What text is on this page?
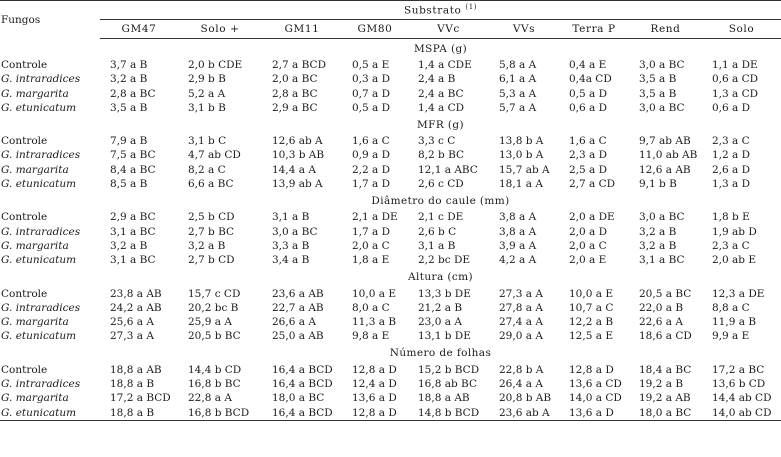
Fungos	Substrato $^{(1)}$
	GM47	Solo +	GM11	GM80	VVc	VVs	Terra P	Rend	Solo
MSPA (g)									
Controle	3,7 a B	2,0 b CDE	2,7 a BCD	0,5 a E	1,4 a CDE	5,8 a A	0,4 a E	3,0 a BC	1,1 a DE
G. intraradices	3,2 a B	2,9 b B	2,0 a BC	0,3 a D	2,4 a B	6,1 a A	0,4a CD	3,5 a B	0,6 a CD
G. margarita	2,8 a BC	5,2 a A	2,8 a BC	0,7 a D	2,4 a BC	5,3 a A	0,5 a D	3,5 a B	1,3 a CD
G. etunicatum	3,5 a B	3,1 b B	2,9 a BC	0,5 a D	1,4 a CD	5,7 a A	0,6 a D	3,0 a BC	0,6 a D
MFR (g)									
Controle	7,9 a B	3,1 b C	12,6 ab A	1,6 a C	3,3 c C	13,8 b A	1,6 a C	9,7 ab AB	2,3 a C
G. intraradices	7,5 a BC	4,7 ab CD	10,3 b AB	0,9 a D	8,2 b BC	13,0 b A	2,3 a D	11,0 ab AB	1,2 a D
G. margarita	8,4 a BC	8,2 a C	14,4 a A	2,2 a D	12,1 a ABC	15,7 ab A	2,5 a D	12,6 a AB	2,6 a D
G. etunicatum	8,5 a B	6,6 a BC	13,9 ab A	1,7 a D	2,6 c CD	18,1 a A	2,7 a CD	9,1 b B	1,3 a D
Diâmetro do caule (mm)									
Controle	2,9 a BC	2,5 b CD	3,1 a B	2,1 a DE	2,1 c DE	3,8 a A	2,0 a DE	3,0 a BC	1,8 b E
G. intraradices	3,1 a BC	2,7 b BC	3,0 a BC	1,7 a D	2,6 b C	3,8 a A	2,0 a D	3,2 a B	1,9 ab D
G. margarita	3,2 a B	3,2 a B	3,3 a B	2,0 a C	3,1 a B	3,9 a A	2,0 a C	3,2 a B	2,3 a C
G. etunicatum	3,1 a BC	2,7 b CD	3,4 a B	1,8 a E	2,2 bc DE	4,2 a A	2,0 a E	3,1 a BC	2,0 ab E
Altura (cm)									
Controle	23,8 a AB	15,7 c CD	23,6 a AB	10,0 a E	13,3 b DE	27,3 a A	10,0 a E	20,5 a BC	12,3 a DE
G. intraradices	24,2 a AB	20,2 bc B	22,7 a AB	8,0 a C	21,2 a B	27,8 a A	10,7 a C	22,0 a B	8,8 a C
G. margarita	25,6 a A	25,9 a A	26,6 a A	11,3 a B	23,0 a A	27,4 a A	12,2 a B	22,6 a A	11,9 a B
G. etunicatum	27,3 a A	20,5 b BC	25,0 a AB	9,8 a E	13,1 b DE	29,0 a A	12,5 a E	18,6 a CD	9,9 a E
Número de folhas									
Controle	18,8 a AB	14,4 b CD	16,4 a BCD	12,8 a D	15,2 b BCD	22,8 b A	12,8 a D	18,4 a BC	17,2 a BC
G. intraradices	18,8 a B	16,8 b BC	16,4 a BCD	12,4 a D	16,8 ab BC	26,4 a A	13,6 a CD	19,2 a B	13,6 b CD
G. margarita	17,2 a BCD	22,8 a A	18,0 a BC	13,6 a D	18,8 a AB	20,8 b AB	14,0 a CD	19,2 a AB	14,4 ab CD
G. etunicatum	18,8 a B	16,8 b BCD	16,4 a BCD	12,8 a D	14,8 b BCD	23,6 ab A	13,6 a D	18,0 a BC	14,0 ab CD
